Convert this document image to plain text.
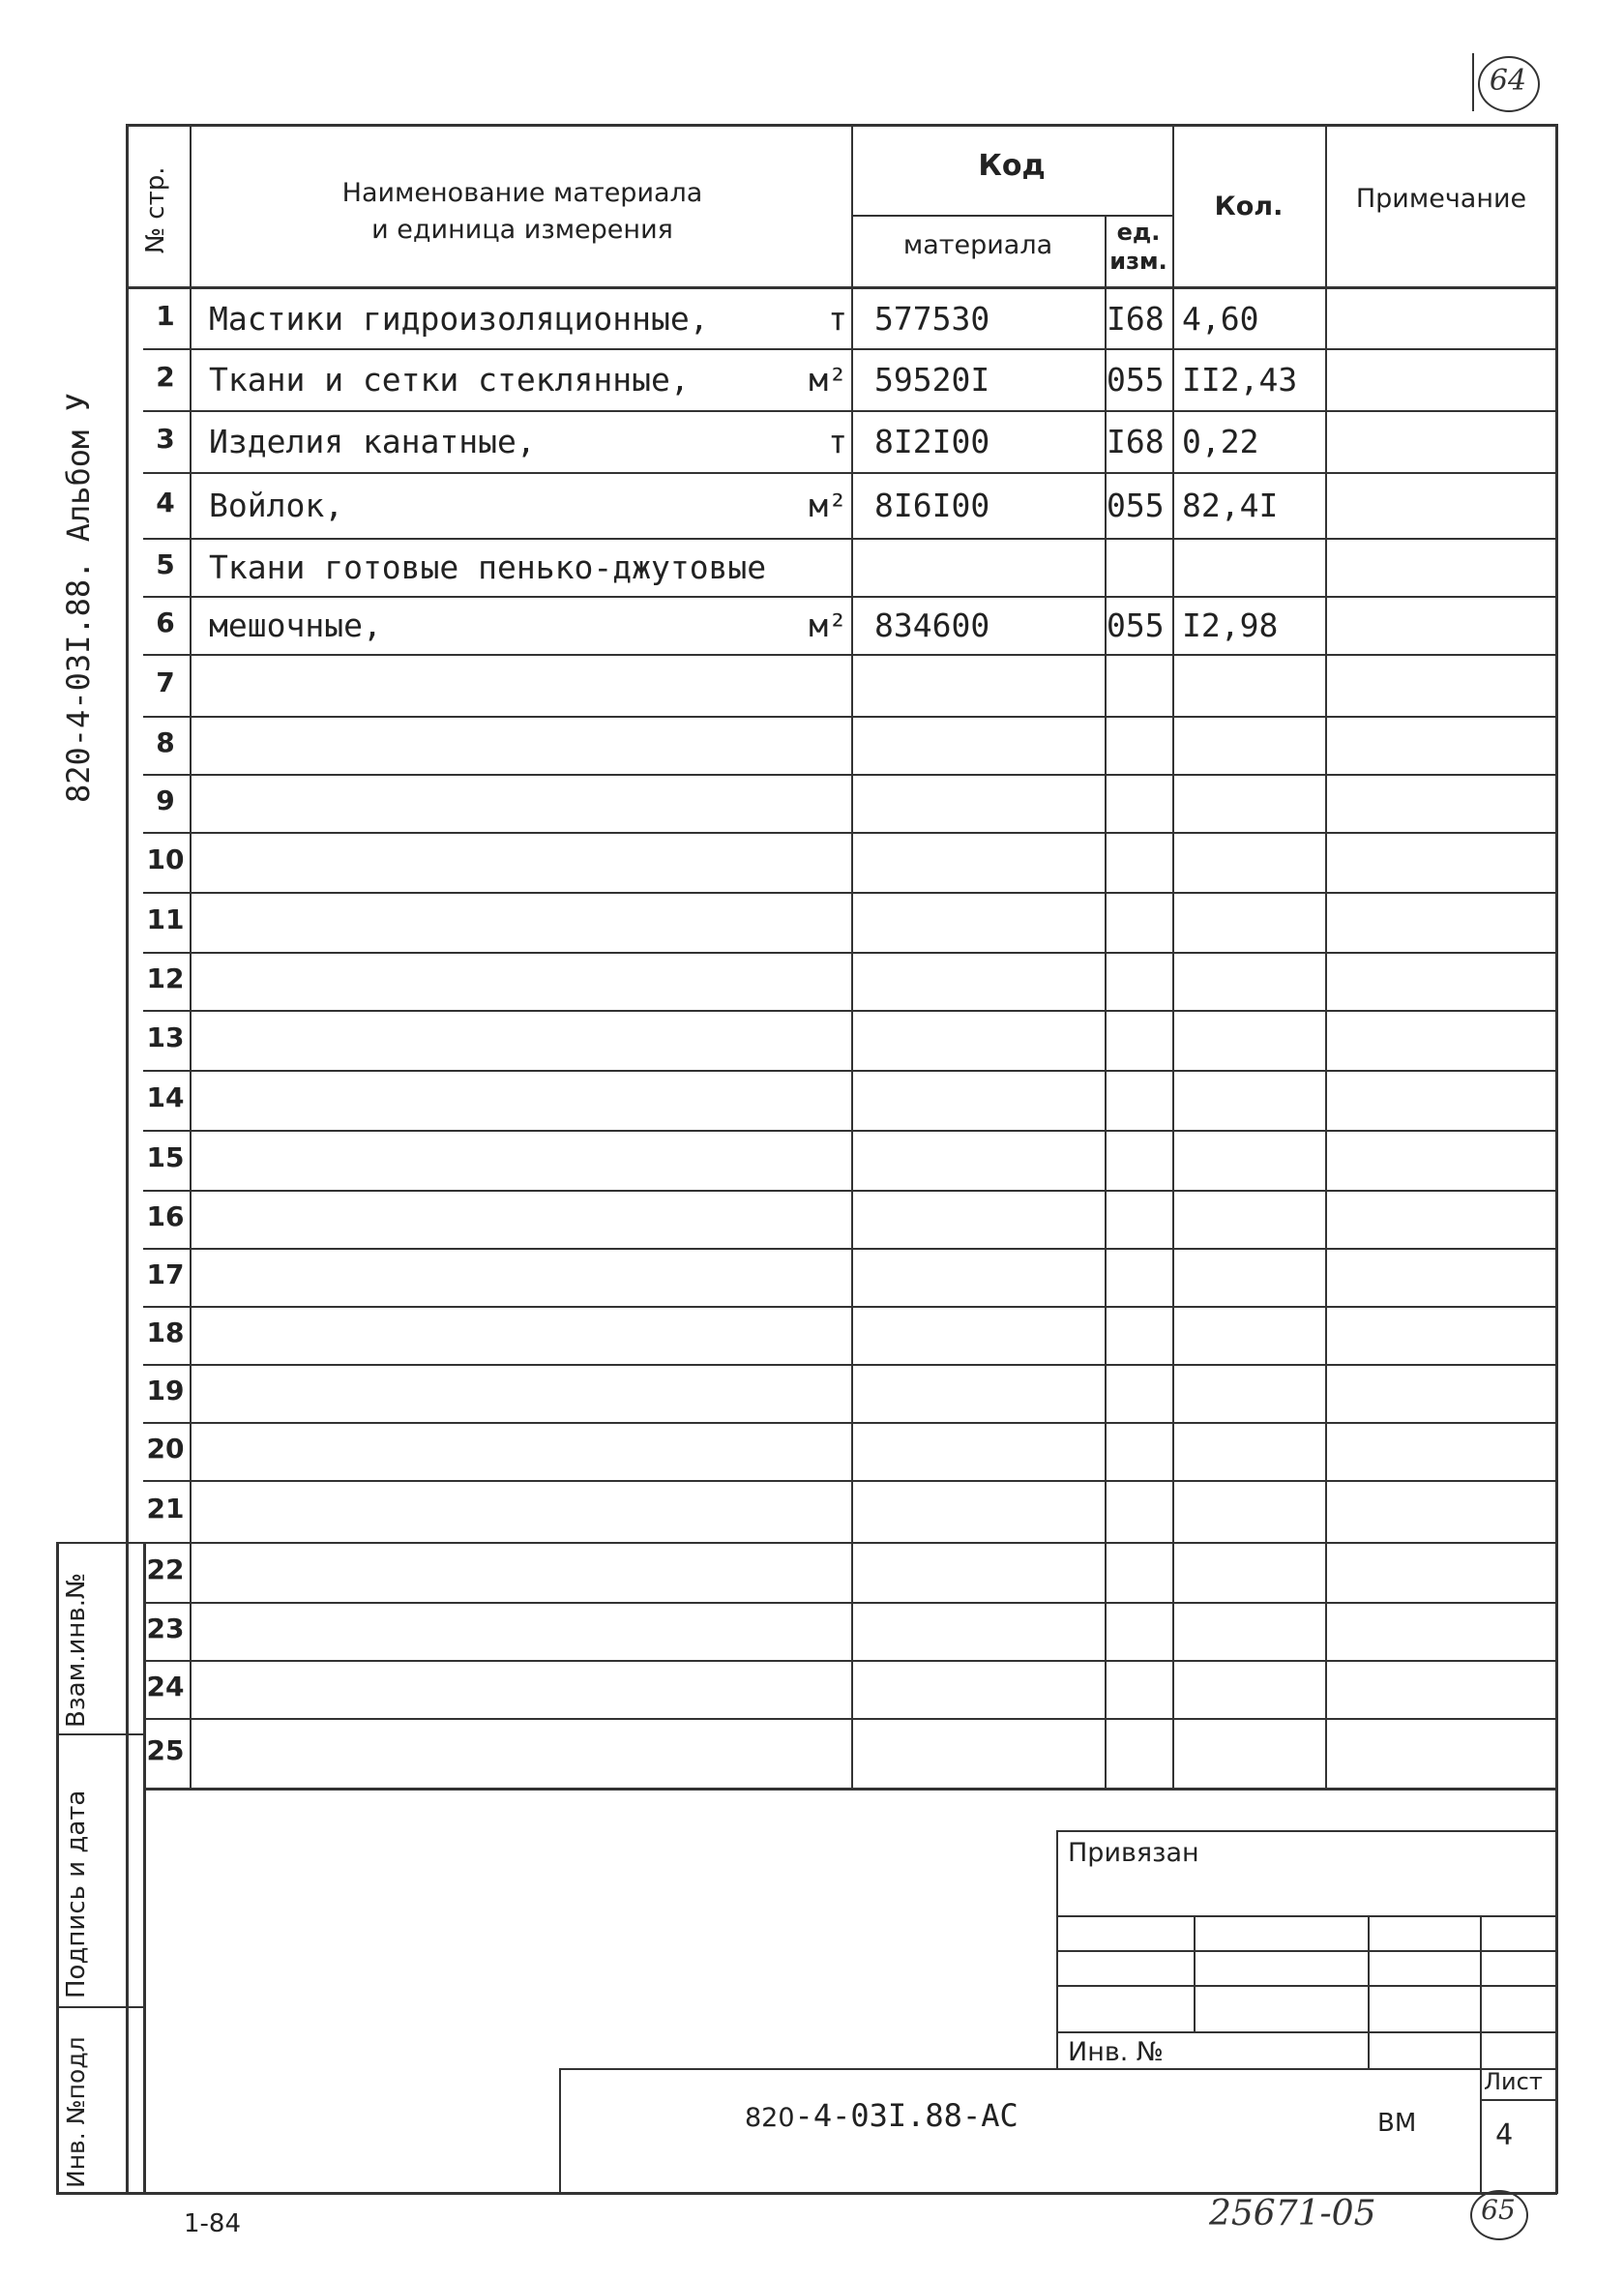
64
820-4-03I.88. Альбом У
№ стр.	Наименование материала
и единица измерения
Код
материала	ед.
изм.
Кол.	Примечание
1	Мастики гидроизоляционные,	т 577530	I68 4,60
2	Ткани и сетки стеклянные,	м² 59520I	055 II2,43
3	Изделия канатные,	т 8I2I00	I68 0,22
4	Войлок,	м² 8I6I00	055 82,4I
5	Ткани готовые пенько-джутовые
6	мешочные,	м² 834600	055 I2,98
7
8
9
10
11
12
13
14
15
16
17
18
19
20
21
22
23
24
25
Взам.инв.№
Подпись и дата
Инв. №подл
Привязан
Инв. №
820-4-03I.88-АС	ВМ
Лист
4
1-84	25671-05	65
